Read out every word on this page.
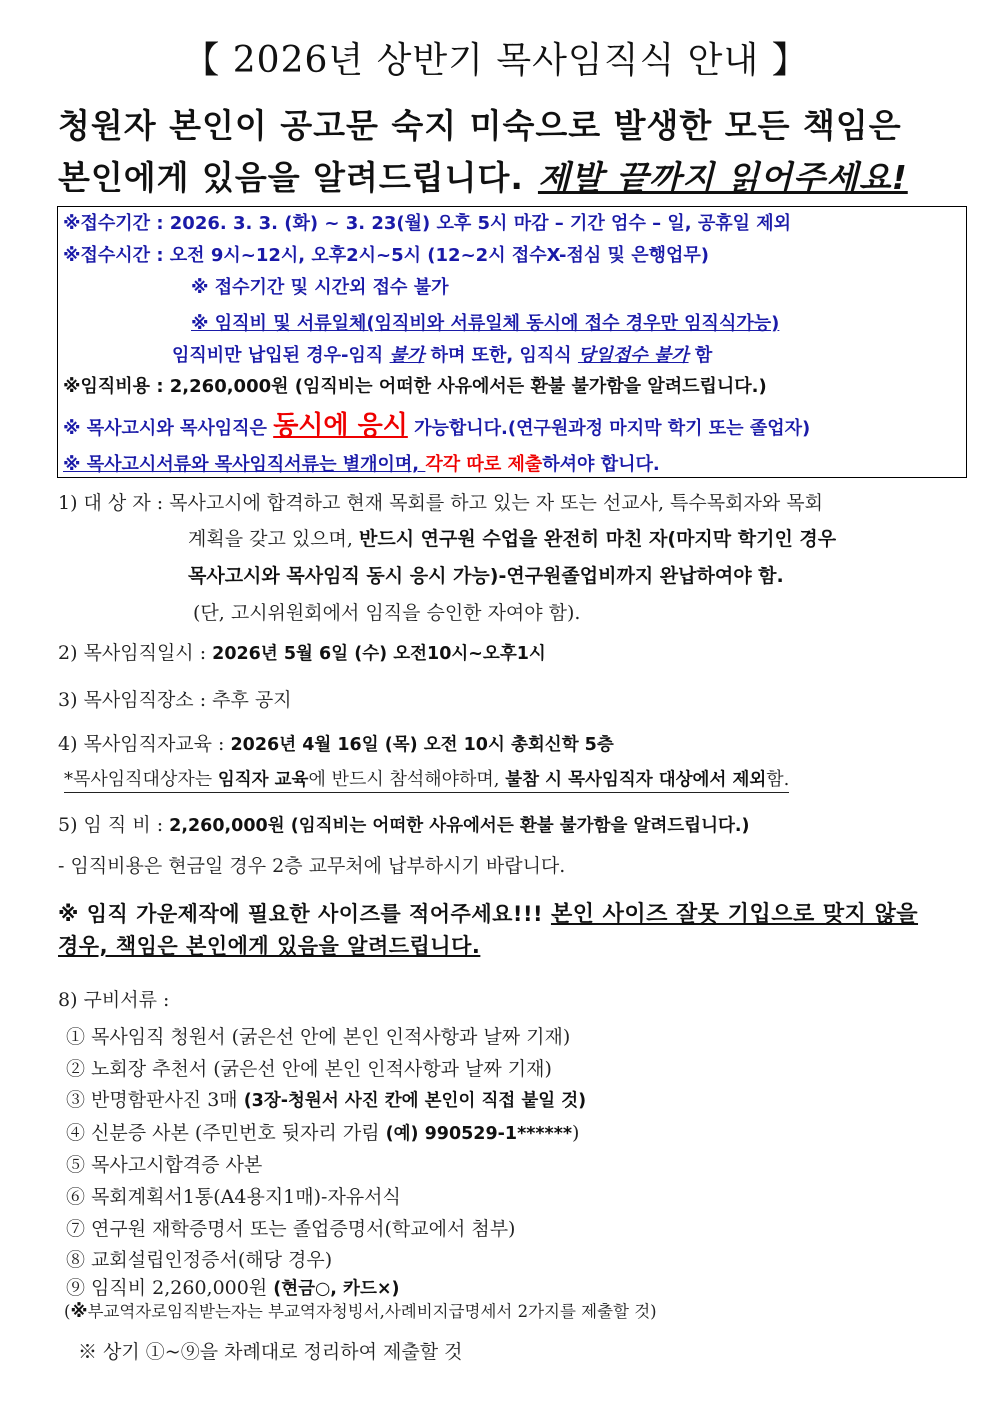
【 2026년 상반기 목사임직식 안내 】
청원자 본인이 공고문 숙지 미숙으로 발생한 모든 책임은
본인에게 있음을 알려드립니다. 제발 끝까지 읽어주세요!
※접수기간 : 2026. 3. 3. (화) ~ 3. 23(월) 오후 5시 마감 – 기간 엄수 – 일, 공휴일 제외
※접수시간 : 오전 9시~12시, 오후2시~5시 (12~2시 접수X-점심 및 은행업무)
※ 접수기간 및 시간외 접수 불가
※ 임직비 및 서류일체(임직비와 서류일체 동시에 접수 경우만 임직식가능)
임직비만 납입된 경우-임직 불가 하며 또한, 임직식 당일접수 불가 함
※임직비용 : 2,260,000원 (임직비는 어떠한 사유에서든 환불 불가함을 알려드립니다.)
※ 목사고시와 목사임직은 동시에 응시 가능합니다.(연구원과정 마지막 학기 또는 졸업자)
※ 목사고시서류와 목사임직서류는 별개이며, 각각 따로 제출하셔야 합니다.
1) 대 상 자 : 목사고시에 합격하고 현재 목회를 하고 있는 자 또는 선교사, 특수목회자와 목회
계획을 갖고 있으며, 반드시 연구원 수업을 완전히 마친 자(마지막 학기인 경우
목사고시와 목사임직 동시 응시 가능)-연구원졸업비까지 완납하여야 함.
(단, 고시위원회에서 임직을 승인한 자여야 함).
2) 목사임직일시 : 2026년 5월 6일 (수) 오전10시~오후1시
3) 목사임직장소 : 추후 공지
4) 목사임직자교육 : 2026년 4월 16일 (목) 오전 10시 총회신학 5층
*목사임직대상자는 임직자 교육에 반드시 참석해야하며, 불참 시 목사임직자 대상에서 제외함.
5) 임 직 비 : 2,260,000원 (임직비는 어떠한 사유에서든 환불 불가함을 알려드립니다.)
- 임직비용은 현금일 경우 2층 교무처에 납부하시기 바랍니다.
※ 임직 가운제작에 필요한 사이즈를 적어주세요!!! 본인 사이즈 잘못 기입으로 맞지 않을
경우, 책임은 본인에게 있음을 알려드립니다.
8) 구비서류 :
① 목사임직 청원서 (굵은선 안에 본인 인적사항과 날짜 기재)
② 노회장 추천서 (굵은선 안에 본인 인적사항과 날짜 기재)
③ 반명함판사진 3매 (3장-청원서 사진 칸에 본인이 직접 붙일 것)
④ 신분증 사본 (주민번호 뒷자리 가림 (예) 990529-1******)
⑤ 목사고시합격증 사본
⑥ 목회계획서1통(A4용지1매)-자유서식
⑦ 연구원 재학증명서 또는 졸업증명서(학교에서 첨부)
⑧ 교회설립인정증서(해당 경우)
⑨ 임직비 2,260,000원 (현금○, 카드×)
(※부교역자로임직받는자는 부교역자청빙서,사례비지급명세서 2가지를 제출할 것)
※ 상기 ①~⑨을 차례대로 정리하여 제출할 것
